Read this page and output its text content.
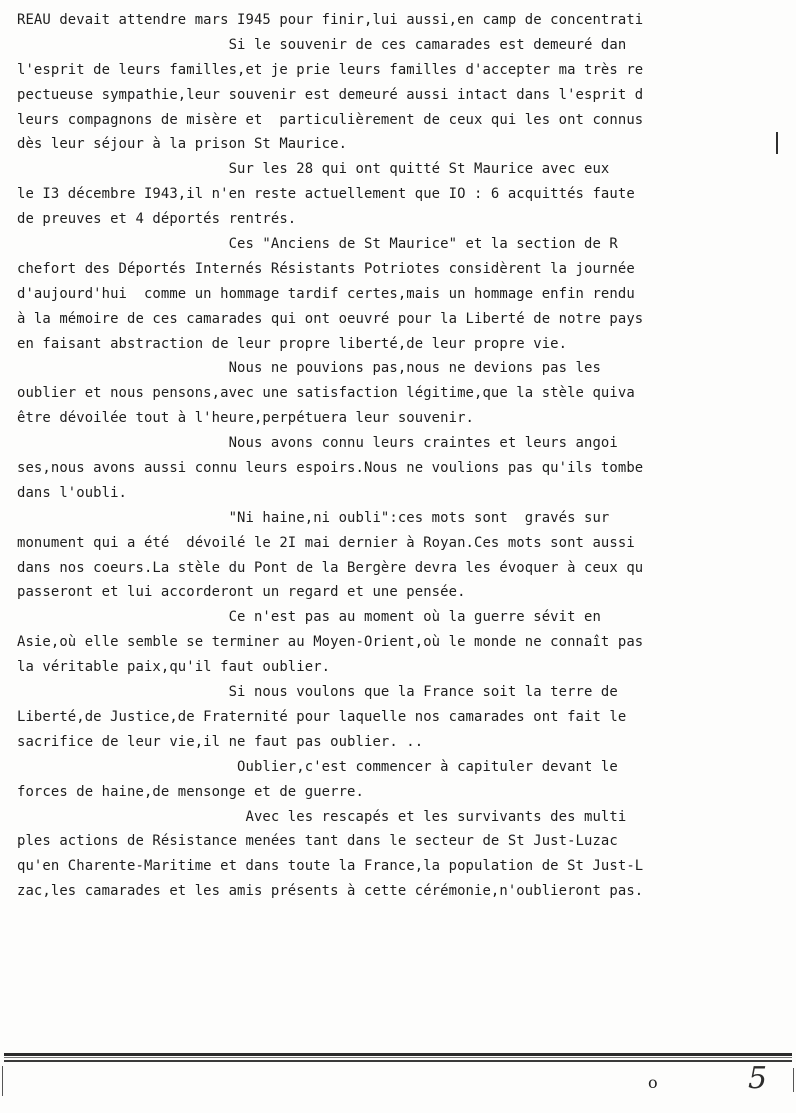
REAU devait attendre mars I945 pour finir,lui aussi,en camp de concentrati
Si le souvenir de ces camarades est demeuré dan
l'esprit de leurs familles,et je prie leurs familles d'accepter ma très re
pectueuse sympathie,leur souvenir est demeuré aussi intact dans l'esprit d
leurs compagnons de misère et  particulièrement de ceux qui les ont connus
dès leur séjour à la prison St Maurice.
Sur les 28 qui ont quitté St Maurice avec eux
le I3 décembre I943,il n'en reste actuellement que IO : 6 acquittés faute
de preuves et 4 déportés rentrés.
Ces "Anciens de St Maurice" et la section de R
chefort des Déportés Internés Résistants Potriotes considèrent la journée
d'aujourd'hui  comme un hommage tardif certes,mais un hommage enfin rendu
à la mémoire de ces camarades qui ont oeuvré pour la Liberté de notre pays
en faisant abstraction de leur propre liberté,de leur propre vie.
Nous ne pouvions pas,nous ne devions pas les
oublier et nous pensons,avec une satisfaction légitime,que la stèle quiva
être dévoilée tout à l'heure,perpétuera leur souvenir.
Nous avons connu leurs craintes et leurs angoi
ses,nous avons aussi connu leurs espoirs.Nous ne voulions pas qu'ils tombe
dans l'oubli.
"Ni haine,ni oubli":ces mots sont  gravés sur
monument qui a été  dévoilé le 2I mai dernier à Royan.Ces mots sont aussi
dans nos coeurs.La stèle du Pont de la Bergère devra les évoquer à ceux qu
passeront et lui accorderont un regard et une pensée.
Ce n'est pas au moment où la guerre sévit en
Asie,où elle semble se terminer au Moyen-Orient,où le monde ne connaît pas
la véritable paix,qu'il faut oublier.
Si nous voulons que la France soit la terre de
Liberté,de Justice,de Fraternité pour laquelle nos camarades ont fait le
sacrifice de leur vie,il ne faut pas oublier. ..
Oublier,c'est commencer à capituler devant le
forces de haine,de mensonge et de guerre.
Avec les rescapés et les survivants des multi
ples actions de Résistance menées tant dans le secteur de St Just-Luzac
qu'en Charente-Maritime et dans toute la France,la population de St Just-L
zac,les camarades et les amis présents à cette cérémonie,n'oublieront pas.
o	5
